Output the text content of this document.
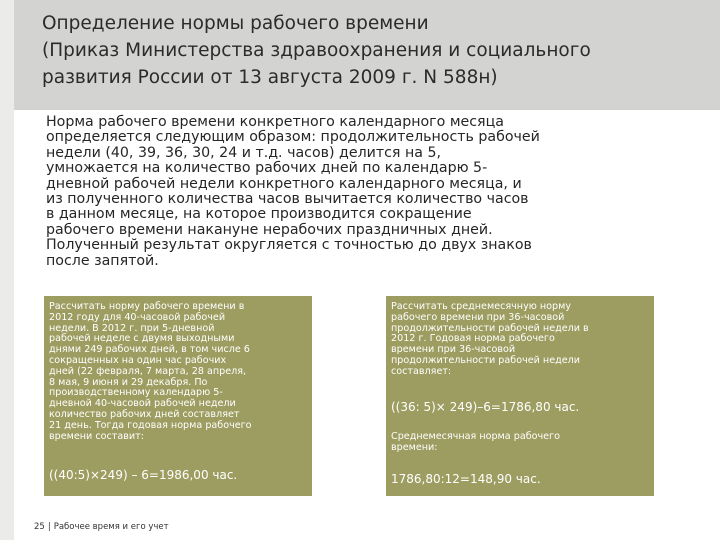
Определение нормы рабочего времени
(Приказ Министерства здравоохранения и социального
развития России от 13 августа 2009 г. N 588н)
Норма рабочего времени конкретного календарного месяца
определяется следующим образом: продолжительность рабочей
недели (40, 39, 36, 30, 24 и т.д. часов) делится на 5,
умножается на количество рабочих дней по календарю 5-
дневной рабочей недели конкретного календарного месяца, и
из полученного количества часов вычитается количество часов
в данном месяце, на которое производится сокращение
рабочего времени накануне нерабочих праздничных дней.
Полученный результат округляется с точностью до двух знаков
после запятой.
Рассчитать норму рабочего времени в
2012 году для 40-часовой рабочей
недели. В 2012 г. при 5-дневной
рабочей неделе с двумя выходными
днями 249 рабочих дней, в том числе 6
сокращенных на один час рабочих
дней (22 февраля, 7 марта, 28 апреля,
8 мая, 9 июня и 29 декабря. По
производственному календарю 5-
дневной 40-часовой рабочей недели
количество рабочих дней составляет
21 день. Тогда годовая норма рабочего
времени составит:
((40:5)×249) – 6=1986,00 час.
Рассчитать среднемесячную норму
рабочего времени при 36-часовой
продолжительности рабочей недели в
2012 г. Годовая норма рабочего
времени при 36-часовой
продолжительности рабочей недели
составляет:
((36: 5)× 249)–6=1786,80 час.
Среднемесячная норма рабочего
времени:
1786,80:12=148,90 час.
25 | Рабочее время и его учет
